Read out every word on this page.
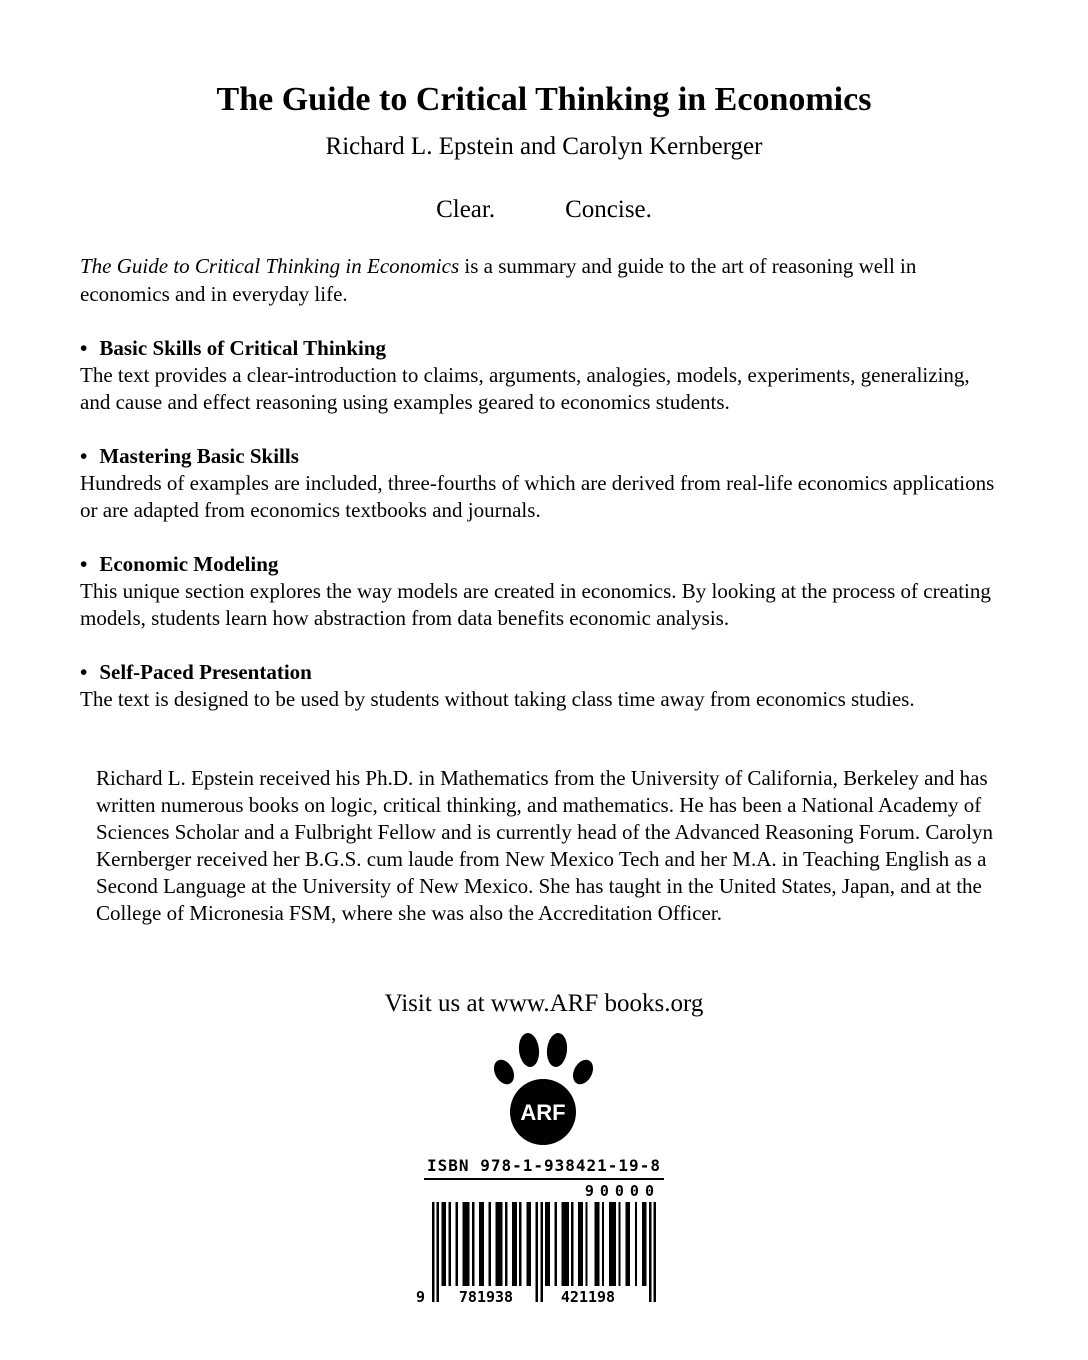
The Guide to Critical Thinking in Economics
Richard L. Epstein and Carolyn Kernberger
Clear.	Concise.

The Guide to Critical Thinking in Economics is a summary and guide to the art of reasoning well in economics and in everyday life.

• Basic Skills of Critical Thinking
The text provides a clear-introduction to claims, arguments, analogies, models, experiments, generalizing, and cause and effect reasoning using examples geared to economics students.
• Mastering Basic Skills
Hundreds of examples are included, three-fourths of which are derived from real-life economics applications or are adapted from economics textbooks and journals.
• Economic Modeling
This unique section explores the way models are created in economics. By looking at the process of creating models, students learn how abstraction from data benefits economic analysis.
• Self-Paced Presentation
The text is designed to be used by students without taking class time away from economics studies.

Richard L. Epstein received his Ph.D. in Mathematics from the University of California, Berkeley and has written numerous books on logic, critical thinking, and mathematics. He has been a National Academy of Sciences Scholar and a Fulbright Fellow and is currently head of the Advanced Reasoning Forum. Carolyn Kernberger received her B.G.S. cum laude from New Mexico Tech and her M.A. in Teaching English as a Second Language at the University of New Mexico. She has taught in the United States, Japan, and at the College of Micronesia FSM, where she was also the Accreditation Officer.

Visit us at www.ARF books.org
ARF
ISBN 978-1-938421-19-8
90000
9	781938	421198
